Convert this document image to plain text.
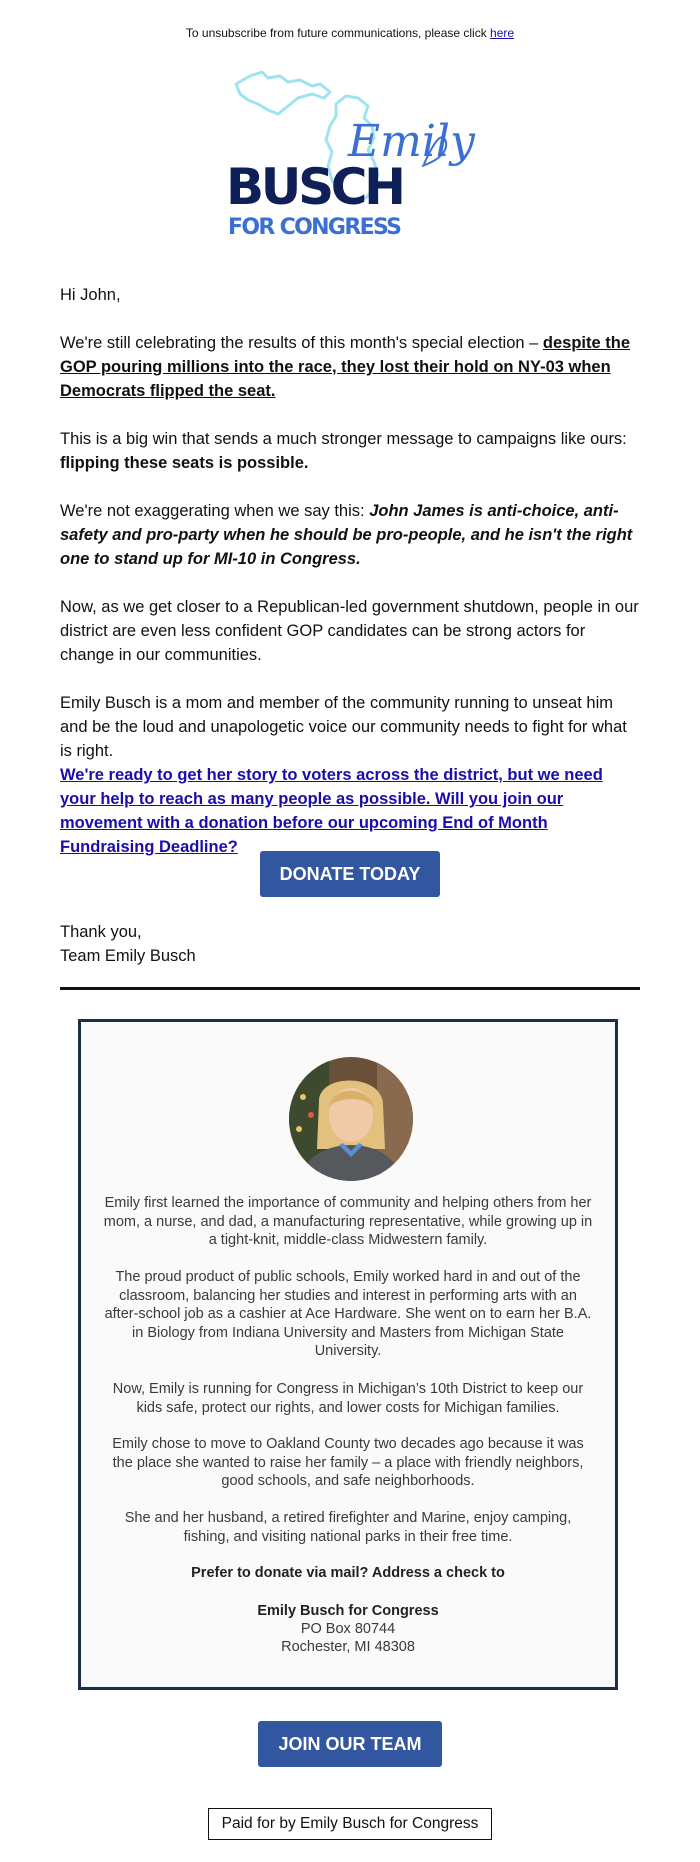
To unsubscribe from future communications, please click here
Emily
BUSCH
FOR CONGRESS
Hi John,

We're still celebrating the results of this month's special election – despite the GOP pouring millions into the race, they lost their hold on NY-03 when Democrats flipped the seat.

This is a big win that sends a much stronger message to campaigns like ours: flipping these seats is possible.

We're not exaggerating when we say this: John James is anti-choice, anti-safety and pro-party when he should be pro-people, and he isn't the right one to stand up for MI-10 in Congress.

Now, as we get closer to a Republican-led government shutdown, people in our district are even less confident GOP candidates can be strong actors for change in our communities.
Emily Busch is a mom and member of the community running to unseat him and be the loud and unapologetic voice our community needs to fight for what is right.

We're ready to get her story to voters across the district, but we need your help to reach as many people as possible. Will you join our movement with a donation before our upcoming End of Month Fundraising Deadline?

DONATE TODAY
Thank you,
Team Emily Busch
Emily first learned the importance of community and helping others from her mom, a nurse, and dad, a manufacturing representative, while growing up in a tight-knit, middle-class Midwestern family.
The proud product of public schools, Emily worked hard in and out of the classroom, balancing her studies and interest in performing arts with an after-school job as a cashier at Ace Hardware. She went on to earn her B.A. in Biology from Indiana University and Masters from Michigan State University.
Now, Emily is running for Congress in Michigan’s 10th District to keep our kids safe, protect our rights, and lower costs for Michigan families.
Emily chose to move to Oakland County two decades ago because it was the place she wanted to raise her family – a place with friendly neighbors, good schools, and safe neighborhoods.
She and her husband, a retired firefighter and Marine, enjoy camping, fishing, and visiting national parks in their free time.
Prefer to donate via mail? Address a check to
Emily Busch for Congress
PO Box 80744
Rochester, MI 48308
JOIN OUR TEAM
Paid for by Emily Busch for Congress
